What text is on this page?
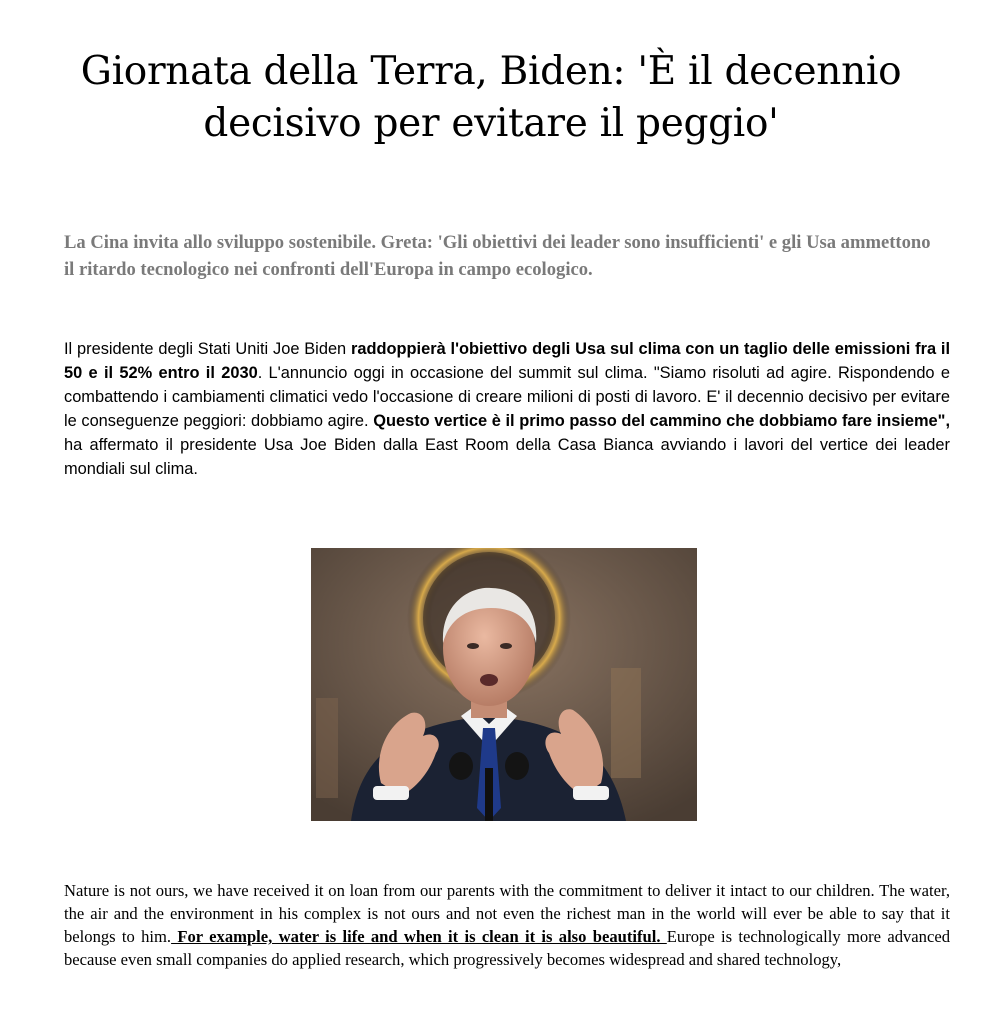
Giornata della Terra, Biden: 'È il decennio
decisivo per evitare il peggio'

La Cina invita allo sviluppo sostenibile. Greta: 'Gli obiettivi dei leader sono insufficienti' e gli Usa ammettono il ritardo tecnologico nei confronti dell'Europa in campo ecologico.

Il presidente degli Stati Uniti Joe Biden raddoppierà l'obiettivo degli Usa sul clima con un taglio delle emissioni fra il 50 e il 52% entro il 2030. L'annuncio oggi in occasione del summit sul clima. "Siamo risoluti ad agire. Rispondendo e combattendo i cambiamenti climatici vedo l'occasione di creare milioni di posti di lavoro. E' il decennio decisivo per evitare le conseguenze peggiori: dobbiamo agire. Questo vertice è il primo passo del cammino che dobbiamo fare insieme", ha affermato il presidente Usa Joe Biden dalla East Room della Casa Bianca avviando i lavori del vertice dei leader mondiali sul clima.

Nature is not ours, we have received it on loan from our parents with the commitment to deliver it intact to our children. The water, the air and the environment in his complex is not ours and not even the richest man in the world will ever be able to say that it belongs to him. For example, water is life and when it is clean it is also beautiful. Europe is technologically more advanced because even small companies do applied research, which progressively becomes widespread and shared technology,
